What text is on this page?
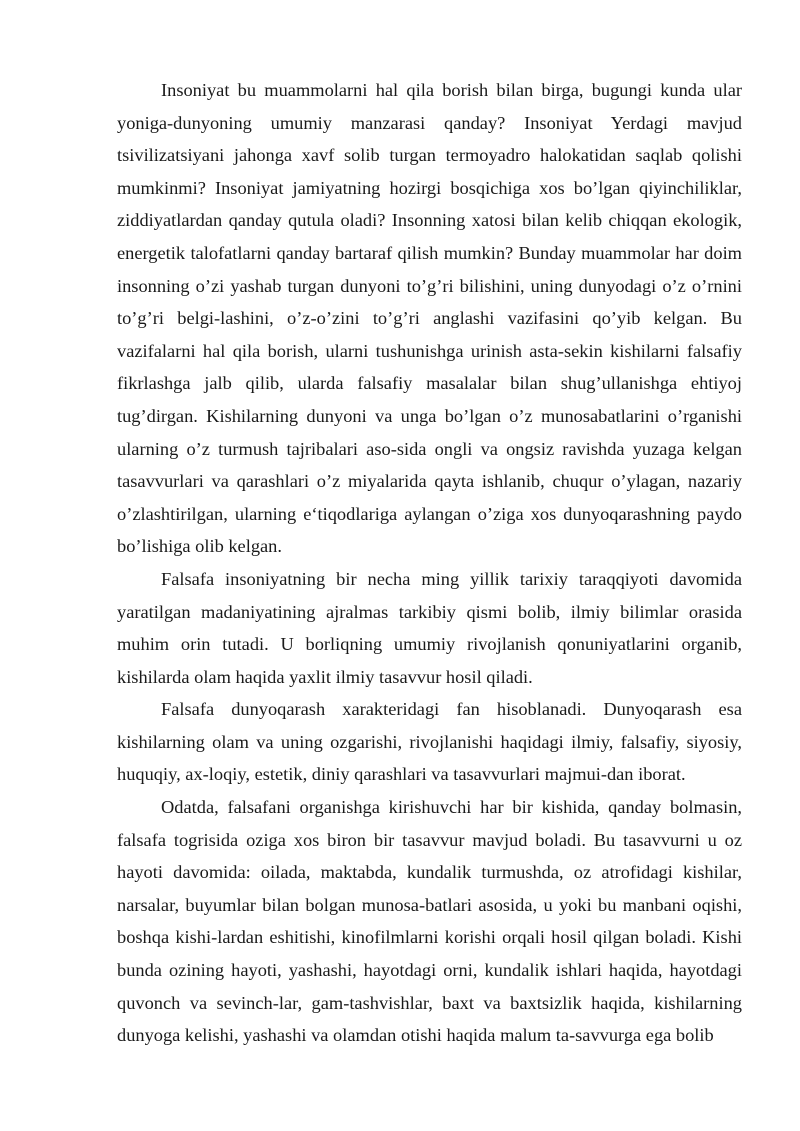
Insoniyat bu muammolarni hal qila borish bilan birga, bugungi kunda ular yoniga-dunyoning umumiy manzarasi qanday? Insoniyat Yerdagi mavjud tsivilizatsiyani jahonga xavf solib turgan termoyadro halokatidan saqlab qolishi mumkinmi? Insoniyat jamiyatning hozirgi bosqichiga xos bo’lgan qiyinchiliklar, ziddiyatlardan qanday qutula oladi? Insonning xatosi bilan kelib chiqqan ekologik, energetik talofatlarni qanday bartaraf qilish mumkin? Bunday muammolar har doim insonning o’zi yashab turgan dunyoni to’g’ri bilishini, uning dunyodagi o’z o’rnini to’g’ri belgi-lashini, o’z-o’zini to’g’ri anglashi vazifasini qo’yib kelgan. Bu vazifalarni hal qila borish, ularni tushunishga urinish asta-sekin kishilarni falsafiy fikrlashga jalb qilib, ularda falsafiy masalalar bilan shug’ullanishga ehtiyoj tug’dirgan. Kishilarning dunyoni va unga bo’lgan o’z munosabatlarini o’rganishi ularning o’z turmush tajribalari aso-sida ongli va ongsiz ravishda yuzaga kelgan tasavvurlari va qarashlari o’z miyalarida qayta ishlanib, chuqur o’ylagan, nazariy o’zlashtirilgan, ularning e‘tiqodlariga aylangan o’ziga xos dunyoqarashning paydo bo’lishiga olib kelgan.

Falsafa insoniyatning bir necha ming yillik tarixiy taraqqiyoti davomida yaratilgan madaniyatining ajralmas tarkibiy qismi bolib, ilmiy bilimlar orasida muhim orin tutadi. U borliqning umumiy rivojlanish qonuniyatlarini organib, kishilarda olam haqida yaxlit ilmiy tasavvur hosil qiladi.

Falsafa dunyoqarash xarakteridagi fan hisoblanadi. Dunyoqarash esa kishilarning olam va uning ozgarishi, rivojlanishi haqidagi ilmiy, falsafiy, siyosiy, huquqiy, ax-loqiy, estetik, diniy qarashlari va tasavvurlari majmui-dan iborat.

Odatda, falsafani organishga kirishuvchi har bir kishida, qanday bolmasin, falsafa togrisida oziga xos biron bir tasavvur mavjud boladi. Bu tasavvurni u oz hayoti davomida: oilada, maktabda, kundalik turmushda, oz atrofidagi kishilar, narsalar, buyumlar bilan bolgan munosa-batlari asosida, u yoki bu manbani oqishi, boshqa kishi-lardan eshitishi, kinofilmlarni korishi orqali hosil qilgan boladi. Kishi bunda ozining hayoti, yashashi, hayotdagi orni, kundalik ishlari haqida, hayotdagi quvonch va sevinch-lar, gam-tashvishlar, baxt va baxtsizlik haqida, kishilarning dunyoga kelishi, yashashi va olamdan otishi haqida malum ta-savvurga ega bolib
